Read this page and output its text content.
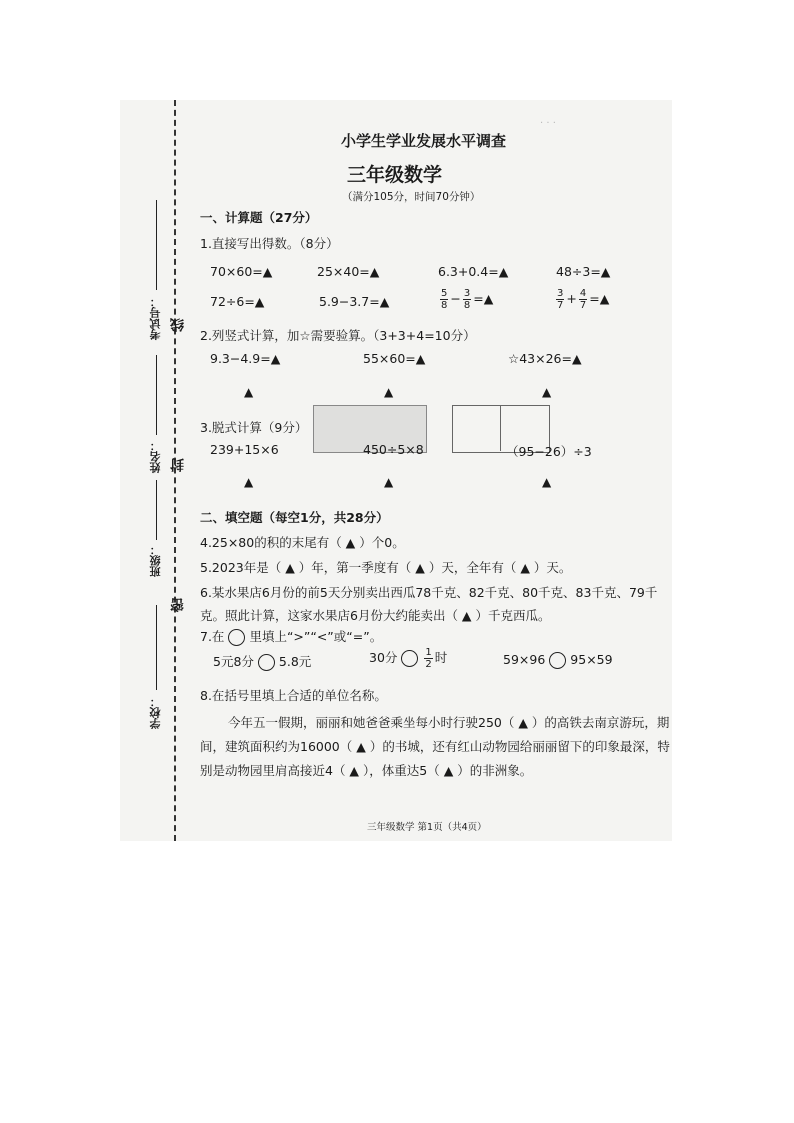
· · ·
考试号：
姓名：
班级：
学校：
线
封
密
小学生学业发展水平调查
三年级数学
（满分105分，时间70分钟）
一、计算题（27分）
1.直接写出得数。（8分）
70×60=▲	25×40=▲	6.3+0.4=▲	48÷3=▲
72÷6=▲	5.9−3.7=▲	$\frac{5}{8} - \frac{3}{8}$ =▲	$\frac{3}{7} + \frac{4}{7}$ =▲
2.列竖式计算，加☆需要验算。（3+3+4=10分）
9.3−4.9=▲	55×60=▲	☆43×26=▲
▲	▲	▲
3.脱式计算（9分）
239+15×6	450÷5×8	（95−26）÷3
▲	▲	▲
二、填空题（每空1分，共28分）
4.25×80的积的末尾有（ ▲ ）个0。
5.2023年是（ ▲ ）年，第一季度有（ ▲ ）天，全年有（ ▲ ）天。
6.某水果店6月份的前5天分别卖出西瓜78千克、82千克、80千克、83千克、79千
克。照此计算，这家水果店6月份大约能卖出（ ▲ ）千克西瓜。
7.在 里填上“>”“<”或“=”。
5元8分 5.8元	30分	$\frac{1}{2}$ 时	59×96 95×59
8.在括号里填上合适的单位名称。
今年五一假期，丽丽和她爸爸乘坐每小时行驶250（ ▲ ）的高铁去南京游玩，期
间，建筑面积约为16000（ ▲ ）的书城，还有红山动物园给丽丽留下的印象最深，特
别是动物园里肩高接近4（ ▲ ），体重达5（ ▲ ）的非洲象。
三年级数学 第1页（共4页）
